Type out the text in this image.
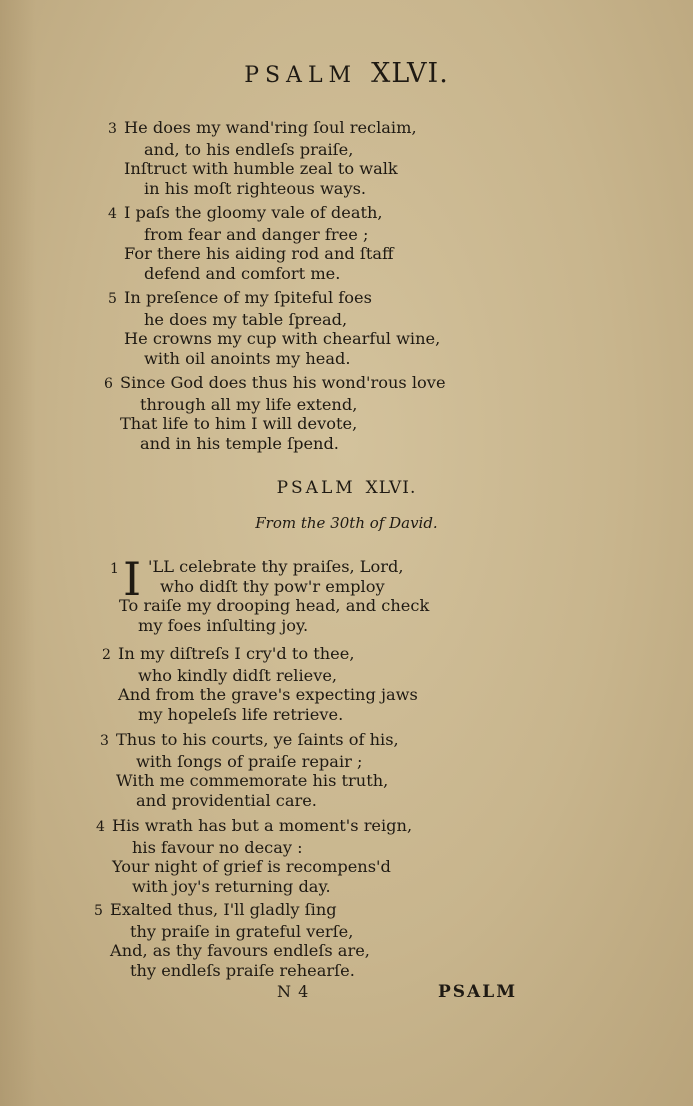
PSALM XLVI.
3 He does my wand'ring ſoul reclaim,
and, to his endleſs praiſe,
Inſtruct with humble zeal to walk
in his moſt righteous ways.
4 I paſs the gloomy vale of death,
from fear and danger free ;
For there his aiding rod and ſtaff
defend and comfort me.
5 In preſence of my ſpiteful foes
he does my table ſpread,
He crowns my cup with chearful wine,
with oil anoints my head.
6 Since God does thus his wond'rous love
through all my life extend,
That life to him I will devote,
and in his temple ſpend.
PSALM XLVI.
From the 30th of David.
'LL celebrate thy praiſes, Lord,
who didſt thy pow'r employ
To raiſe my drooping head, and check
my foes inſulting joy.
1 I
2 In my diſtreſs I cry'd to thee,
who kindly didſt relieve,
And from the grave's expecting jaws
my hopeleſs life retrieve.
3 Thus to his courts, ye ſaints of his,
with ſongs of praiſe repair ;
With me commemorate his truth,
and providential care.
4 His wrath has but a moment's reign,
his favour no decay :
Your night of grief is recompens'd
with joy's returning day.
5 Exalted thus, I'll gladly ſing
thy praiſe in grateful verſe,
And, as thy favours endleſs are,
thy endleſs praiſe rehearſe.
N 4	PSALM
